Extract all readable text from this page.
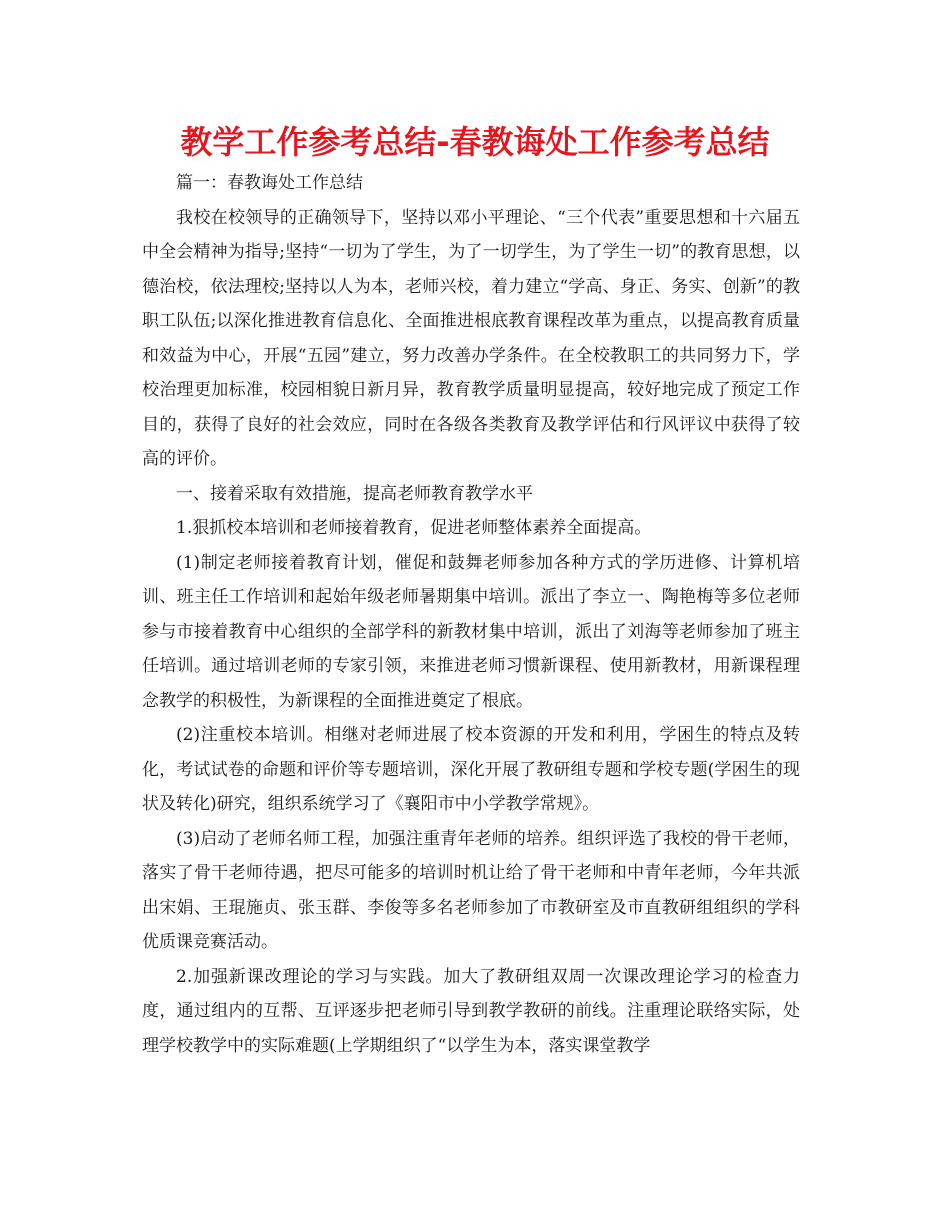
教学工作参考总结-春教诲处工作参考总结

篇一：春教诲处工作总结

我校在校领导的正确领导下，坚持以邓小平理论、“三个代表”重要思想和十六届五中全会精神为指导;坚持“一切为了学生，为了一切学生，为了学生一切”的教育思想，以德治校，依法理校;坚持以人为本，老师兴校，着力建立“学高、身正、务实、创新”的教职工队伍;以深化推进教育信息化、全面推进根底教育课程改革为重点，以提高教育质量和效益为中心，开展“五园”建立，努力改善办学条件。在全校教职工的共同努力下，学校治理更加标准，校园相貌日新月异，教育教学质量明显提高，较好地完成了预定工作目的，获得了良好的社会效应，同时在各级各类教育及教学评估和行风评议中获得了较高的评价。

一、接着采取有效措施，提高老师教育教学水平

1.狠抓校本培训和老师接着教育，促进老师整体素养全面提高。

(1)制定老师接着教育计划，催促和鼓舞老师参加各种方式的学历进修、计算机培训、班主任工作培训和起始年级老师暑期集中培训。派出了李立一、陶艳梅等多位老师参与市接着教育中心组织的全部学科的新教材集中培训，派出了刘海等老师参加了班主任培训。通过培训老师的专家引领，来推进老师习惯新课程、使用新教材，用新课程理念教学的积极性，为新课程的全面推进奠定了根底。

(2)注重校本培训。相继对老师进展了校本资源的开发和利用，学困生的特点及转化，考试试卷的命题和评价等专题培训，深化开展了教研组专题和学校专题(学困生的现状及转化)研究，组织系统学习了《襄阳市中小学教学常规》。

(3)启动了老师名师工程，加强注重青年老师的培养。组织评选了我校的骨干老师，落实了骨干老师待遇，把尽可能多的培训时机让给了骨干老师和中青年老师，今年共派出宋娟、王琨施贞、张玉群、李俊等多名老师参加了市教研室及市直教研组组织的学科优质课竞赛活动。

2.加强新课改理论的学习与实践。加大了教研组双周一次课改理论学习的检查力度，通过组内的互帮、互评逐步把老师引导到教学教研的前线。注重理论联络实际，处理学校教学中的实际难题(上学期组织了“以学生为本，落实课堂教学
